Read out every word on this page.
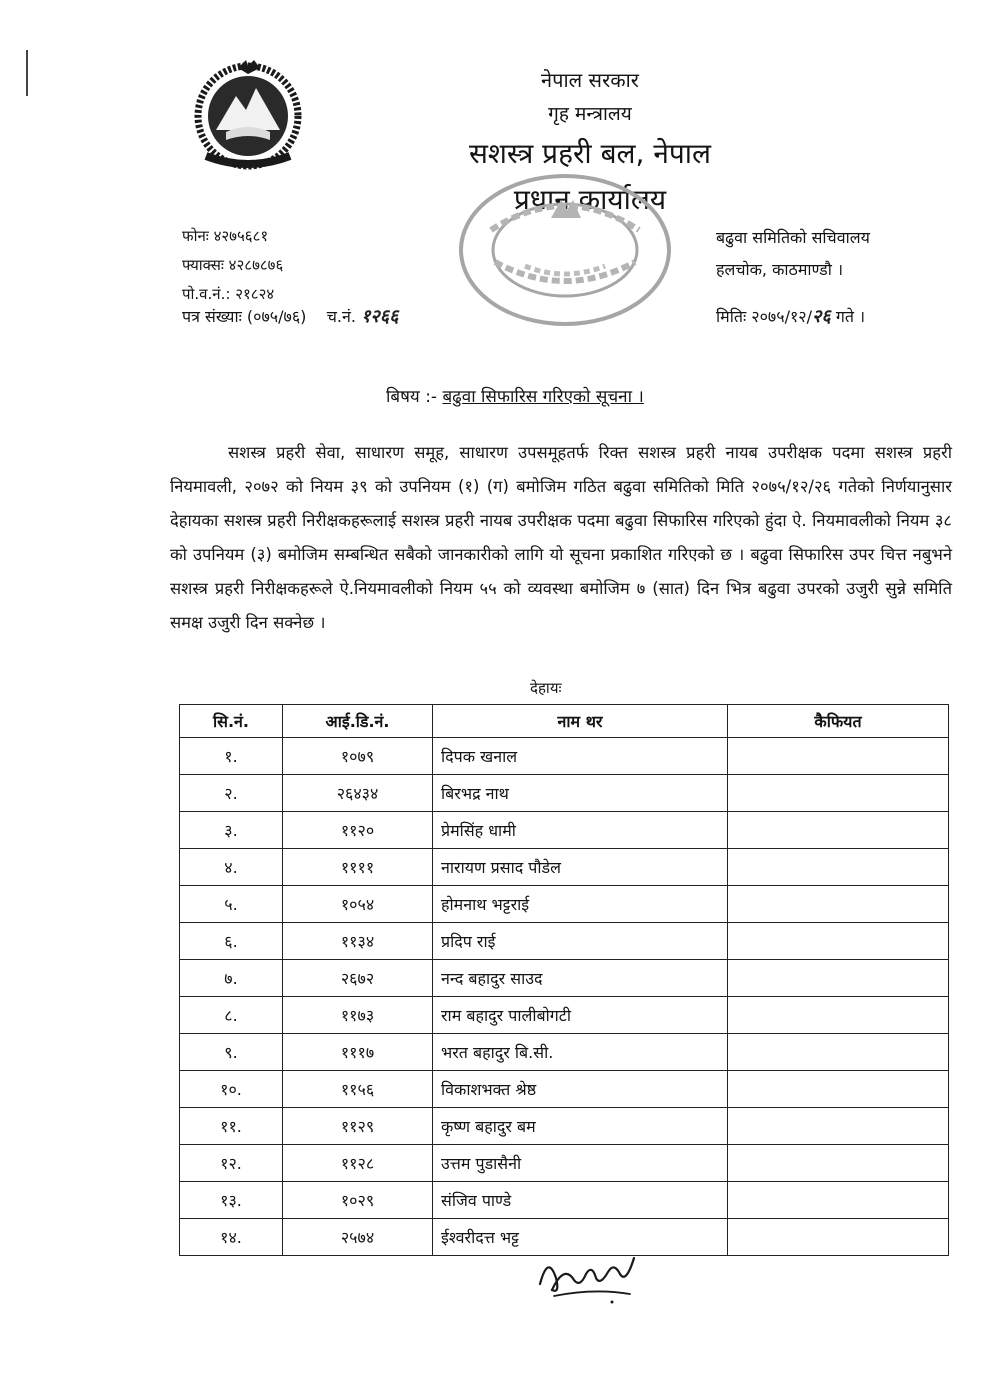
नेपाल सरकार
गृह मन्त्रालय
सशस्त्र प्रहरी बल, नेपाल
प्रधान कार्यालय
फोनः ४२७५६८१
फ्याक्सः ४२८७८७६
पो.व.नं.: २१८२४
बढुवा समितिको सचिवालय
हलचोक, काठमाण्डौ ।
पत्र संख्याः (०७५/७६) च.नं. १२६६	मितिः २०७५/१२/२६ गते ।
बिषय :- बढुवा सिफारिस गरिएको सूचना ।
सशस्त्र प्रहरी सेवा, साधारण समूह, साधारण उपसमूहतर्फ रिक्त सशस्त्र प्रहरी नायब उपरीक्षक पदमा सशस्त्र प्रहरी नियमावली, २०७२ को नियम ३९ को उपनियम (१) (ग) बमोजिम गठित बढुवा समितिको मिति २०७५/१२/२६ गतेको निर्णयानुसार देहायका सशस्त्र प्रहरी निरीक्षकहरूलाई सशस्त्र प्रहरी नायब उपरीक्षक पदमा बढुवा सिफारिस गरिएको हुंदा ऐ. नियमावलीको नियम ३८ को उपनियम (३) बमोजिम सम्बन्धित सबैको जानकारीको लागि यो सूचना प्रकाशित गरिएको छ । बढुवा सिफारिस उपर चित्त नबुभने सशस्त्र प्रहरी निरीक्षकहरूले ऐ.नियमावलीको नियम ५५ को व्यवस्था बमोजिम ७ (सात) दिन भित्र बढुवा उपरको उजुरी सुन्ने समिति समक्ष उजुरी दिन सक्नेछ ।
देहायः
सि.नं.	आई.डि.नं.	नाम थर	कैफियत
१.	१०७९	दिपक खनाल	
२.	२६४३४	बिरभद्र नाथ	
३.	११२०	प्रेमसिंह धामी	
४.	११११	नारायण प्रसाद पौडेल	
५.	१०५४	होमनाथ भट्टराई	
६.	११३४	प्रदिप राई	
७.	२६७२	नन्द बहादुर साउद	
८.	११७३	राम बहादुर पालीबोगटी	
९.	१११७	भरत बहादुर बि.सी.	
१०.	११५६	विकाशभक्त श्रेष्ठ	
११.	११२९	कृष्ण बहादुर बम	
१२.	११२८	उत्तम पुडासैनी	
१३.	१०२९	संजिव पाण्डे	
१४.	२५७४	ईश्वरीदत्त भट्ट	
